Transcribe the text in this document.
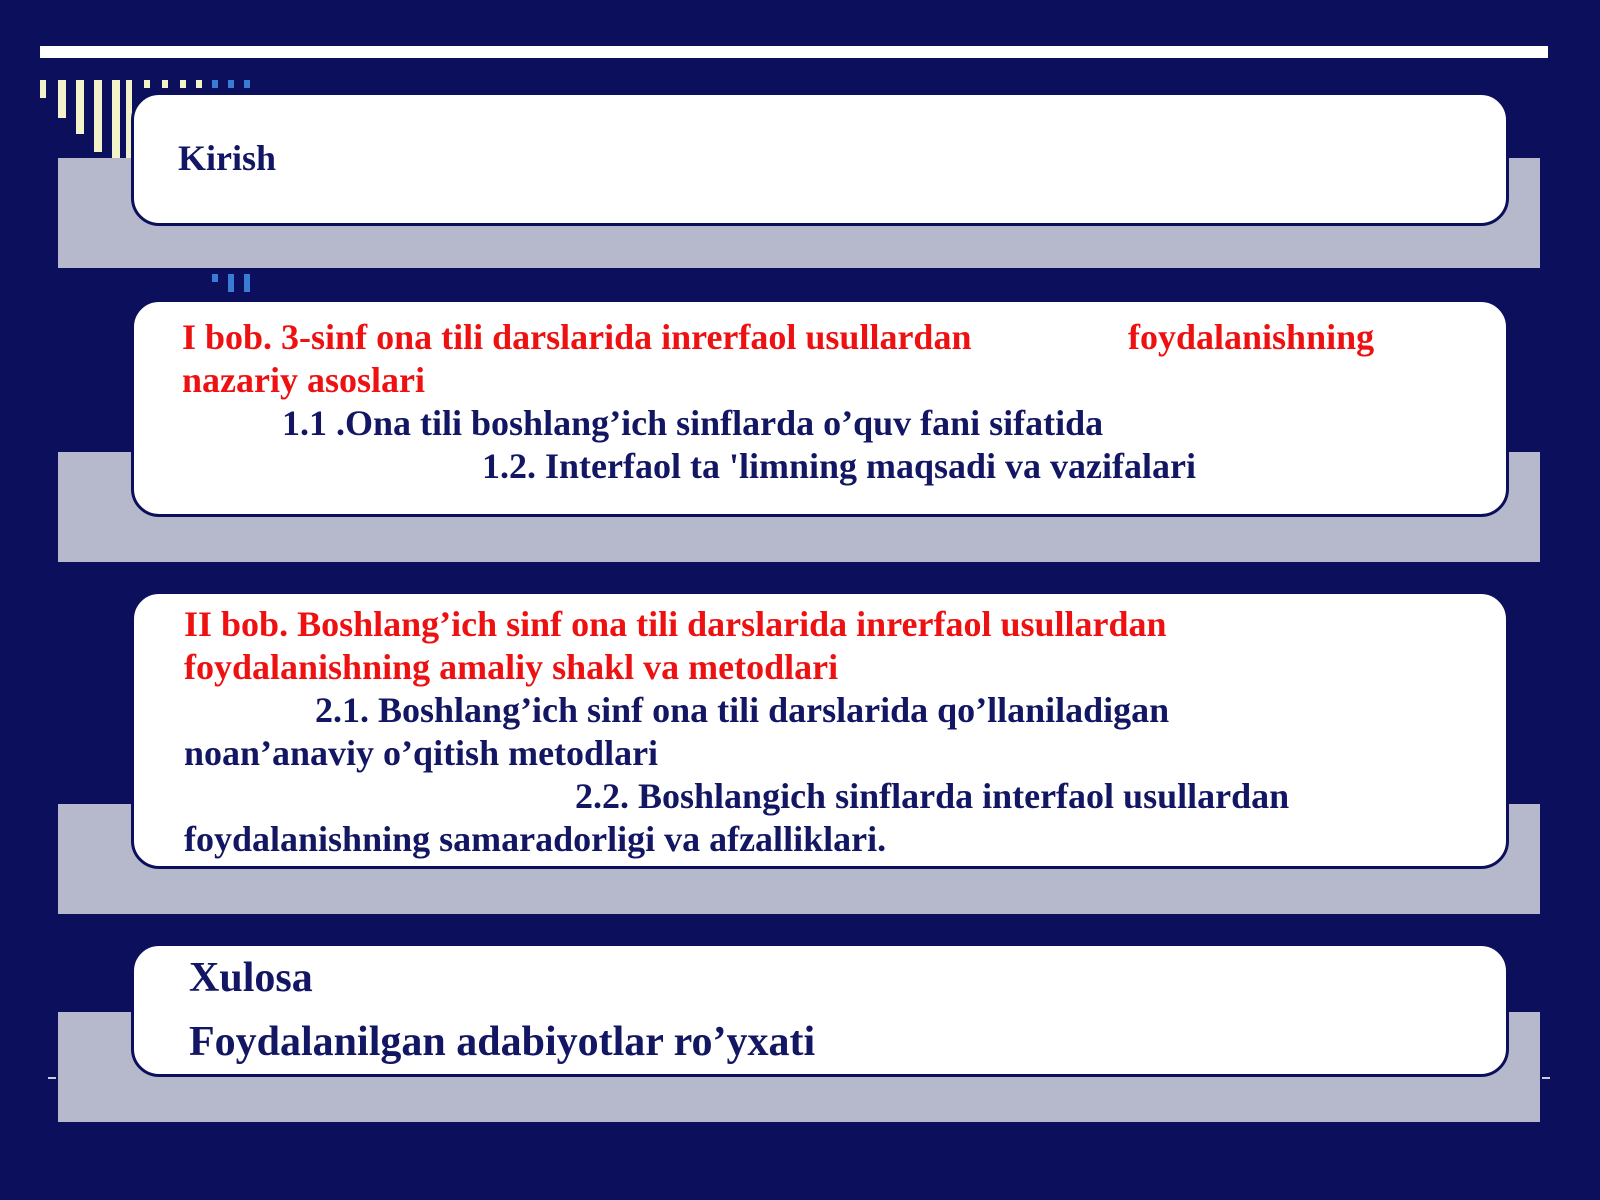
Kirish
I bob. 3-sinf ona tili darslarida inrerfaol usullardan	foydalanishning
nazariy asoslari
1.1 .Ona tili boshlang’ich sinflarda o’quv fani sifatida
1.2. Interfaol ta 'limning maqsadi va vazifalari
II bob. Boshlang’ich sinf ona tili darslarida inrerfaol usullardan
foydalanishning amaliy shakl va metodlari
2.1. Boshlang’ich sinf ona tili darslarida qo’llaniladigan
noan’anaviy o’qitish metodlari
2.2. Boshlangich sinflarda interfaol usullardan
foydalanishning samaradorligi va afzalliklari.
Xulosa
Foydalanilgan adabiyotlar ro’yxati
